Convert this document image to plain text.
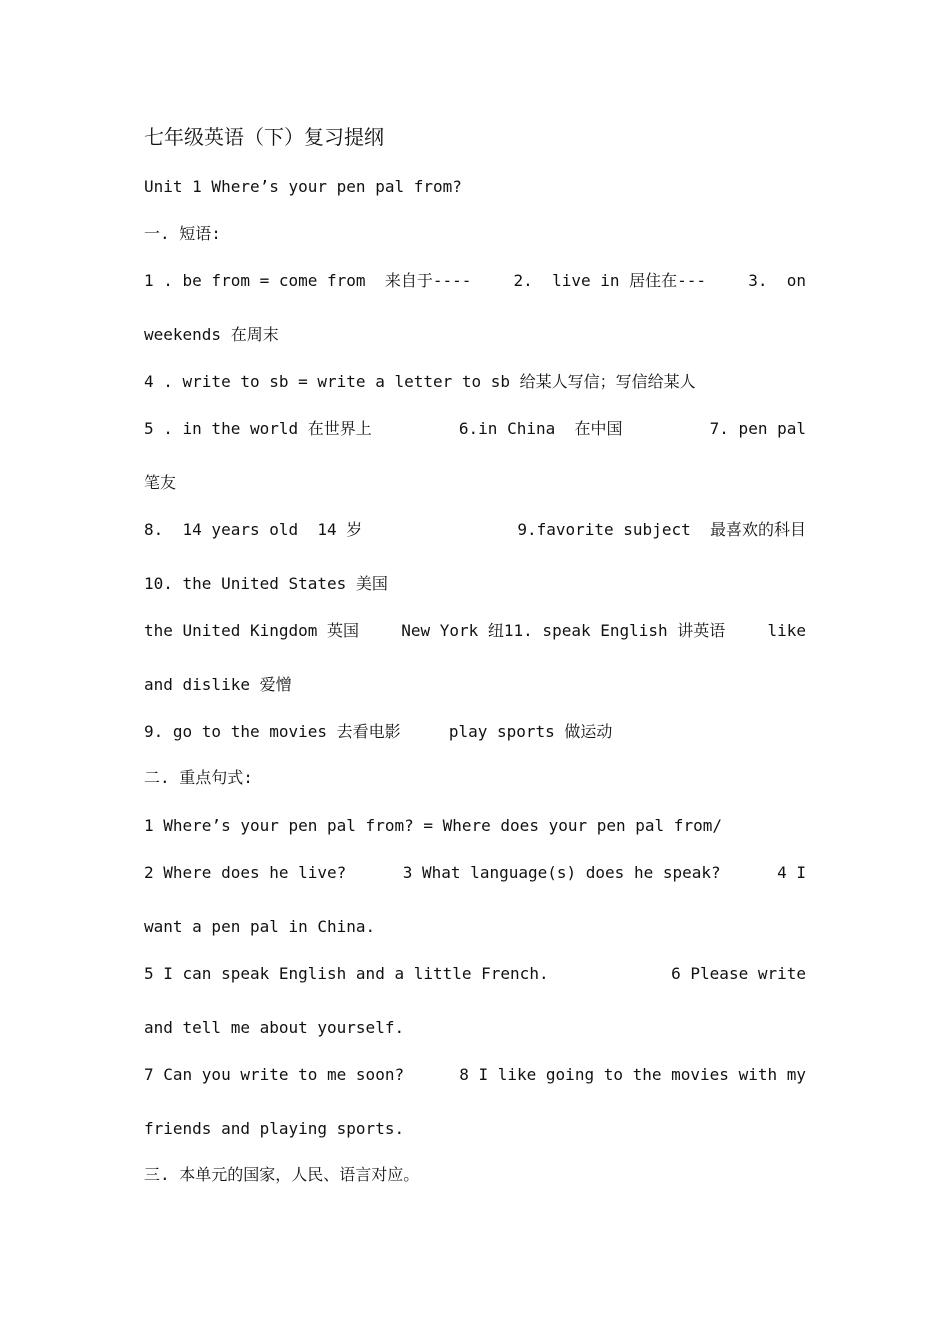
七年级英语（下）复习提纲
Unit 1 Where’s your pen pal from?
一. 短语:
1 . be from = come from  来自于----	2.  live in 居住在---	3.  on
weekends 在周末
4 . write to sb = write a letter to sb 给某人写信；写信给某人
5 . in the world 在世界上	6.in China  在中国	7. pen pal
笔友
8.  14 years old  14 岁	9.favorite subject  最喜欢的科目
10. the United States 美国
the United Kingdom 英国	New York 纽11. speak English 讲英语	like
and dislike 爱憎
9. go to the movies 去看电影     play sports 做运动
二. 重点句式:
1 Where’s your pen pal from? = Where does your pen pal from/
2 Where does he live?	3 What language(s) does he speak?	4 I
want a pen pal in China.
5 I can speak English and a little French.	6 Please write
and tell me about yourself.
7 Can you write to me soon?	8 I like going to the movies with my
friends and playing sports.
三. 本单元的国家，人民、语言对应。
